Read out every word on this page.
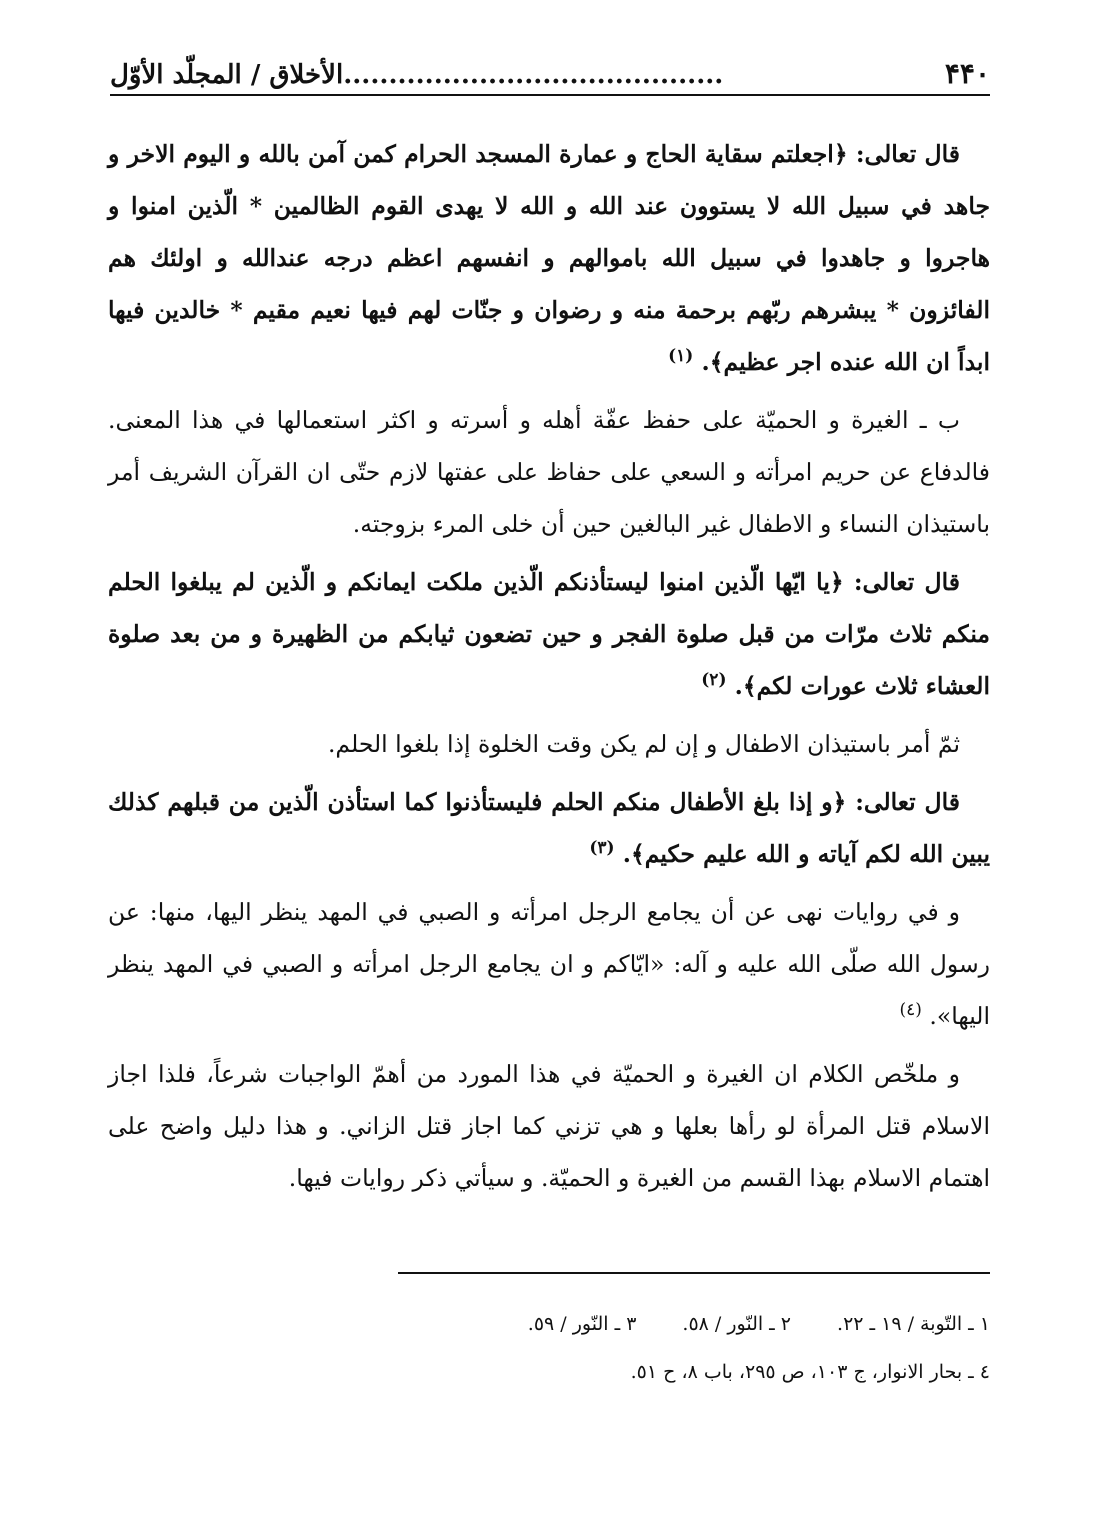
۴۴۰
..........................................الأخلاق / المجلّد الأوّل

قال تعالى: ﴿اجعلتم سقاية الحاج و عمارة المسجد الحرام كمن آمن بالله و اليوم الاخر و جاهد في سبيل الله لا يستوون عند الله و الله لا يهدى القوم الظالمين * الّذين امنوا و هاجروا و جاهدوا في سبيل الله باموالهم و انفسهم اعظم درجه عندالله و اولئك هم الفائزون * يبشرهم ربّهم برحمة منه و رضوان و جنّات لهم فيها نعيم مقيم * خالدين فيها ابداً ان الله عنده اجر عظيم﴾. $^{(١)}$

ب ـ الغيرة و الحميّة على حفظ عفّة أهله و أسرته و اكثر استعمالها في هذا المعنى. فالدفاع عن حريم امرأته و السعي على حفاظ على عفتها لازم حتّى ان القرآن الشريف أمر باستيذان النساء و الاطفال غير البالغين حين أن خلى المرء بزوجته.

قال تعالى: ﴿يا ايّها الّذين امنوا ليستأذنكم الّذين ملكت ايمانكم و الّذين لم يبلغوا الحلم منكم ثلاث مرّات من قبل صلوة الفجر و حين تضعون ثيابكم من الظهيرة و من بعد صلوة العشاء ثلاث عورات لكم﴾. $^{(٢)}$

ثمّ أمر باستيذان الاطفال و إن لم يكن وقت الخلوة إذا بلغوا الحلم.

قال تعالى: ﴿و إذا بلغ الأطفال منكم الحلم فليستأذنوا كما استأذن الّذين من قبلهم كذلك يبين الله لكم آياته و الله عليم حكيم﴾. $^{(٣)}$

و في روايات نهى عن أن يجامع الرجل امرأته و الصبي في المهد ينظر اليها، منها: عن رسول الله صلّى الله عليه و آله: «ايّاكم و ان يجامع الرجل امرأته و الصبي في المهد ينظر اليها». $^{(٤)}$

و ملخّص الكلام ان الغيرة و الحميّة في هذا المورد من أهمّ الواجبات شرعاً، فلذا اجاز الاسلام قتل المرأة لو رأها بعلها و هي تزني كما اجاز قتل الزاني. و هذا دليل واضح على اهتمام الاسلام بهذا القسم من الغيرة و الحميّة. و سيأتي ذكر روايات فيها.

١ ـ التّوبة / ١٩ ـ ٢٢.
٢ ـ النّور / ٥٨.
٣ ـ النّور / ٥٩.
٤ ـ بحار الانوار، ج ١٠٣، ص ٢٩٥، باب ٨، ح ٥١.
